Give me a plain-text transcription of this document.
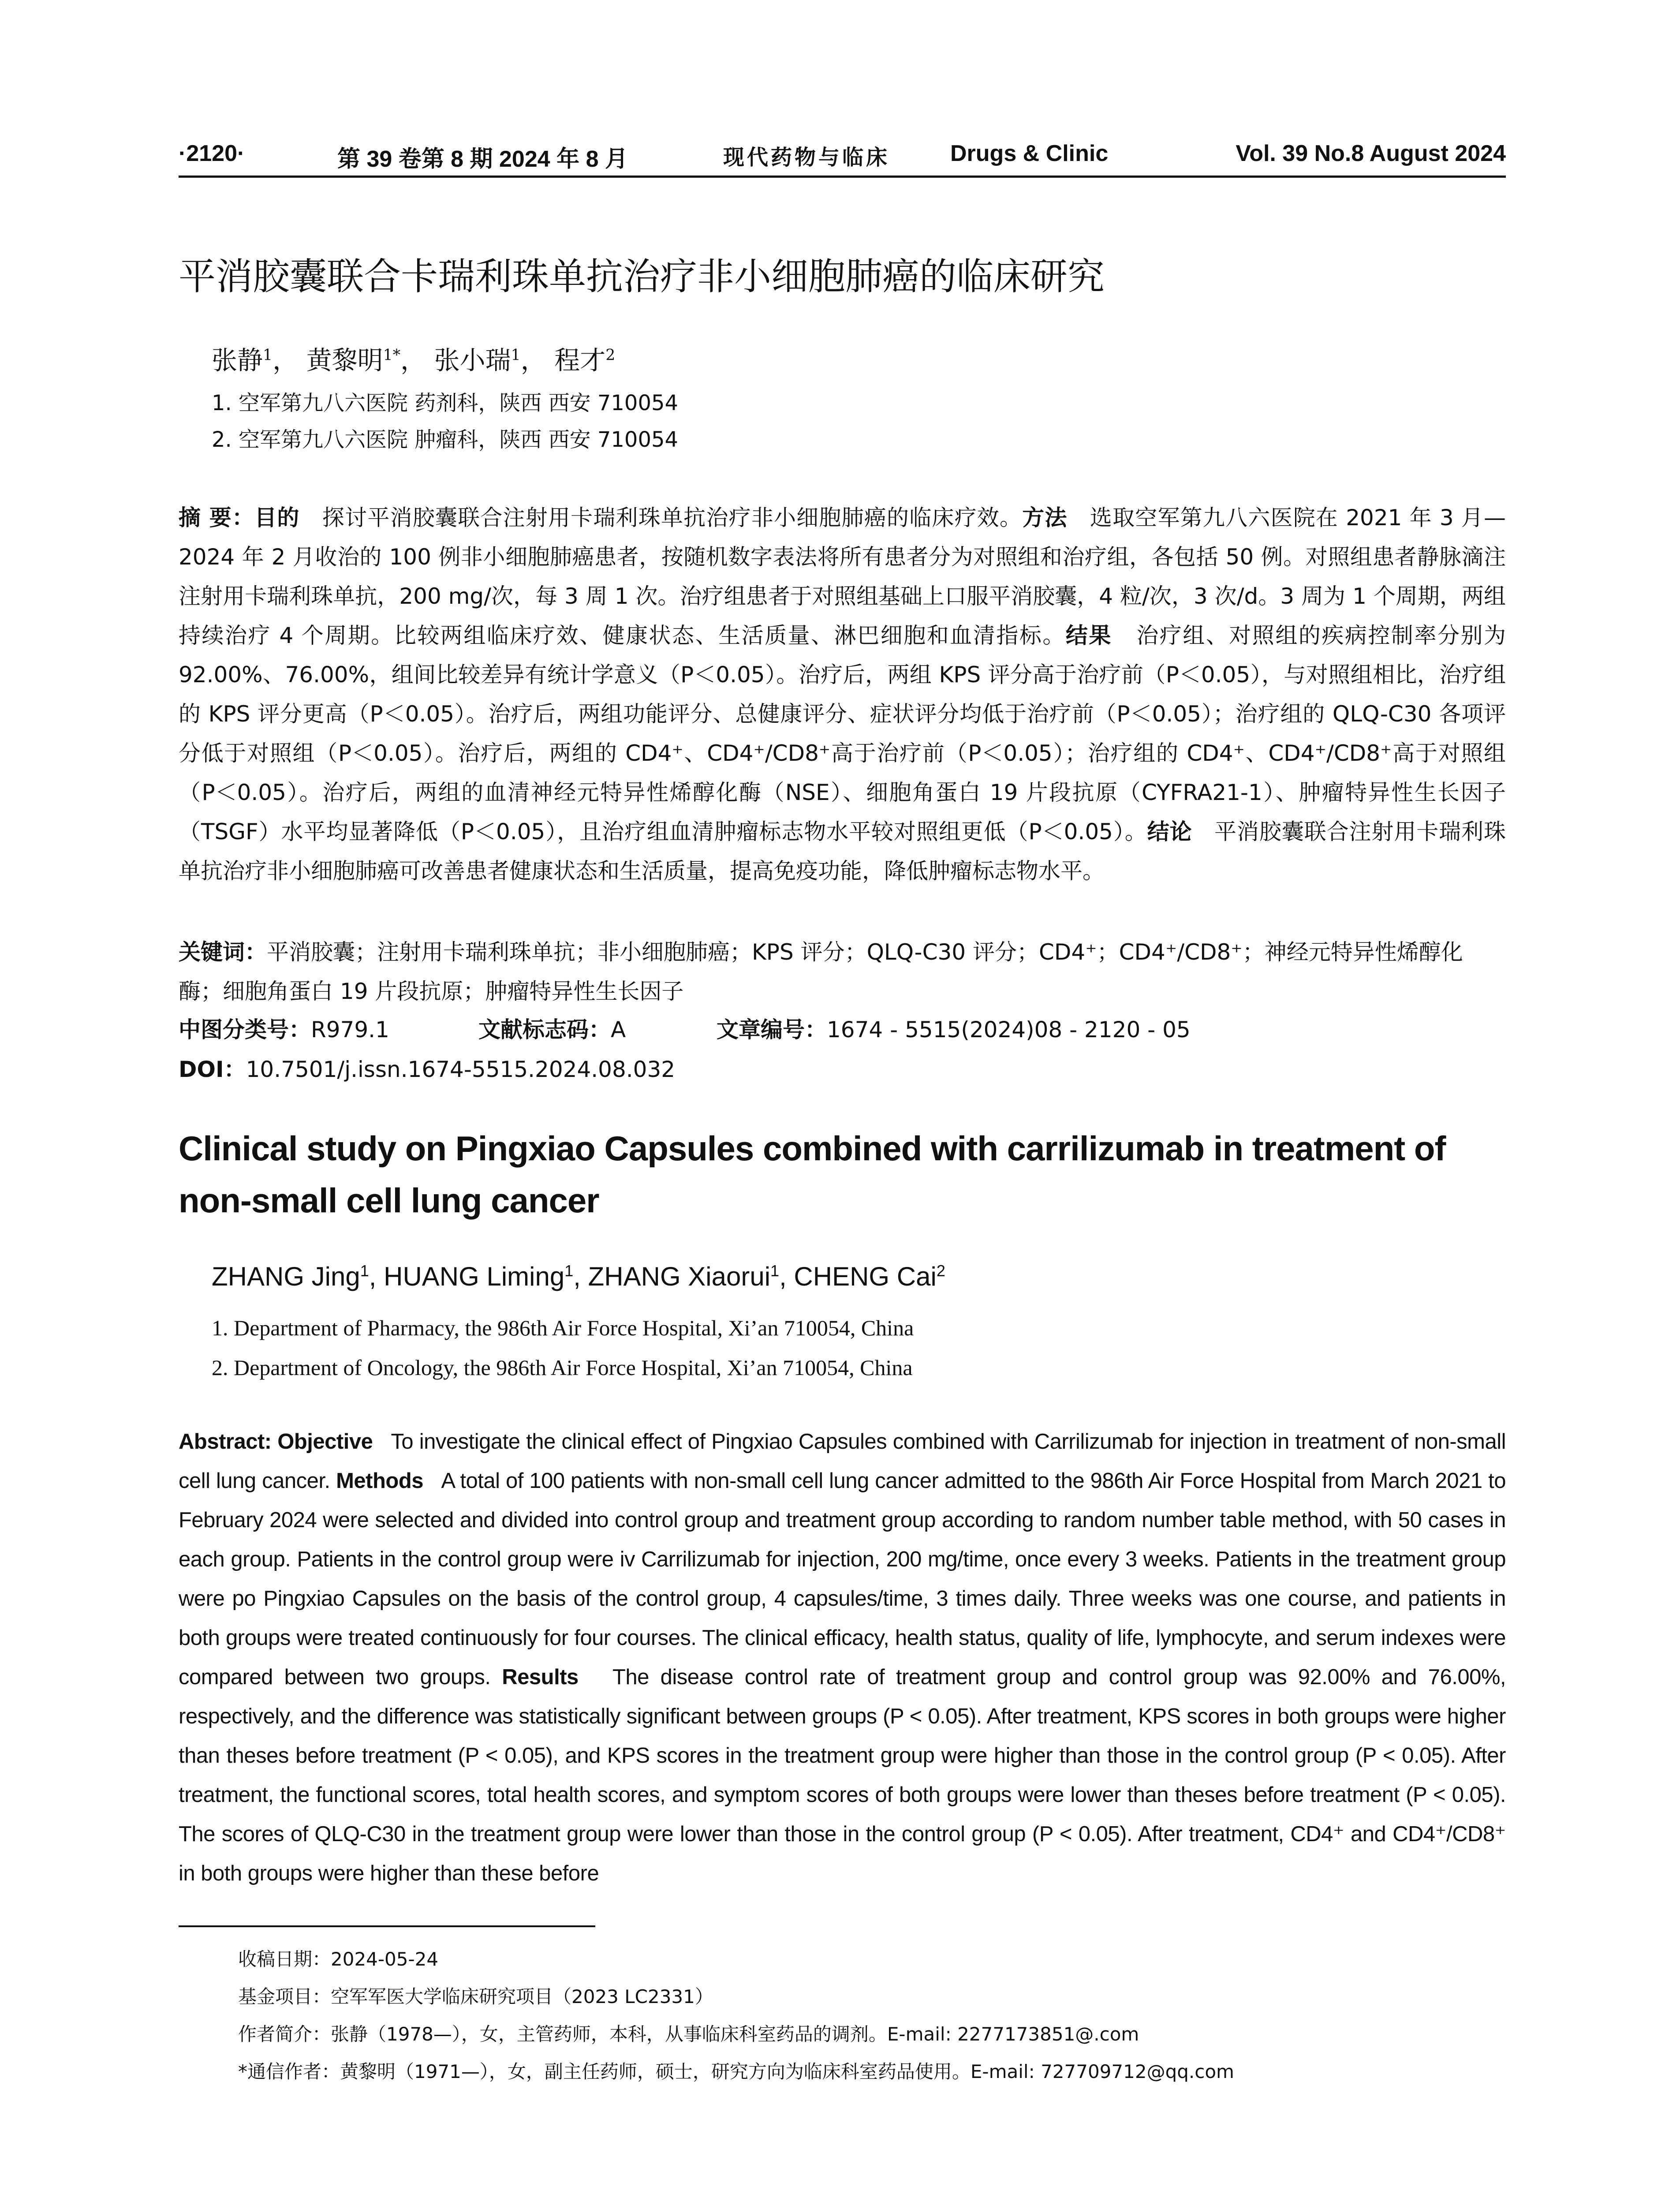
·2120·	第 39 卷第 8 期 2024 年 8 月	现代药物与临床	Drugs & Clinic	Vol. 39 No.8 August 2024
平消胶囊联合卡瑞利珠单抗治疗非小细胞肺癌的临床研究
张静$^1$， 黄黎明$^{1*}$， 张小瑞$^1$， 程才$^2$
1. 空军第九八六医院 药剂科，陕西 西安 710054
2. 空军第九八六医院 肿瘤科，陕西 西安 710054
摘 要：目的 探讨平消胶囊联合注射用卡瑞利珠单抗治疗非小细胞肺癌的临床疗效。方法 选取空军第九八六医院在 2021 年 3 月—2024 年 2 月收治的 100 例非小细胞肺癌患者，按随机数字表法将所有患者分为对照组和治疗组，各包括 50 例。对照组患者静脉滴注注射用卡瑞利珠单抗，200 mg/次，每 3 周 1 次。治疗组患者于对照组基础上口服平消胶囊，4 粒/次，3 次/d。3 周为 1 个周期，两组持续治疗 4 个周期。比较两组临床疗效、健康状态、生活质量、淋巴细胞和血清指标。结果 治疗组、对照组的疾病控制率分别为 92.00%、76.00%，组间比较差异有统计学意义（P＜0.05）。治疗后，两组 KPS 评分高于治疗前（P＜0.05），与对照组相比，治疗组的 KPS 评分更高（P＜0.05）。治疗后，两组功能评分、总健康评分、症状评分均低于治疗前（P＜0.05）；治疗组的 QLQ-C30 各项评分低于对照组（P＜0.05）。治疗后，两组的 CD4⁺、CD4⁺/CD8⁺高于治疗前（P＜0.05）；治疗组的 CD4⁺、CD4⁺/CD8⁺高于对照组（P＜0.05）。治疗后，两组的血清神经元特异性烯醇化酶（NSE）、细胞角蛋白 19 片段抗原（CYFRA21-1）、肿瘤特异性生长因子（TSGF）水平均显著降低（P＜0.05），且治疗组血清肿瘤标志物水平较对照组更低（P＜0.05）。结论 平消胶囊联合注射用卡瑞利珠单抗治疗非小细胞肺癌可改善患者健康状态和生活质量，提高免疫功能，降低肿瘤标志物水平。
关键词：平消胶囊；注射用卡瑞利珠单抗；非小细胞肺癌；KPS 评分；QLQ-C30 评分；CD4⁺；CD4⁺/CD8⁺；神经元特异性烯醇化酶；细胞角蛋白 19 片段抗原；肿瘤特异性生长因子
中图分类号：R979.1	文献标志码：A	文章编号：1674 - 5515(2024)08 - 2120 - 05
DOI：10.7501/j.issn.1674-5515.2024.08.032
Clinical study on Pingxiao Capsules combined with carrilizumab in treatment of non-small cell lung cancer
ZHANG Jing$^1$, HUANG Liming$^1$, ZHANG Xiaorui$^1$, CHENG Cai$^2$
1. Department of Pharmacy, the 986th Air Force Hospital, Xi’an 710054, China
2. Department of Oncology, the 986th Air Force Hospital, Xi’an 710054, China
Abstract: Objective To investigate the clinical effect of Pingxiao Capsules combined with Carrilizumab for injection in treatment of non-small cell lung cancer. Methods A total of 100 patients with non-small cell lung cancer admitted to the 986th Air Force Hospital from March 2021 to February 2024 were selected and divided into control group and treatment group according to random number table method, with 50 cases in each group. Patients in the control group were iv Carrilizumab for injection, 200 mg/time, once every 3 weeks. Patients in the treatment group were po Pingxiao Capsules on the basis of the control group, 4 capsules/time, 3 times daily. Three weeks was one course, and patients in both groups were treated continuously for four courses. The clinical efficacy, health status, quality of life, lymphocyte, and serum indexes were compared between two groups. Results The disease control rate of treatment group and control group was 92.00% and 76.00%, respectively, and the difference was statistically significant between groups (P < 0.05). After treatment, KPS scores in both groups were higher than theses before treatment (P < 0.05), and KPS scores in the treatment group were higher than those in the control group (P < 0.05). After treatment, the functional scores, total health scores, and symptom scores of both groups were lower than theses before treatment (P < 0.05). The scores of QLQ-C30 in the treatment group were lower than those in the control group (P < 0.05). After treatment, CD4⁺ and CD4⁺/CD8⁺ in both groups were higher than these before
收稿日期：2024-05-24
基金项目：空军军医大学临床研究项目（2023 LC2331）
作者简介：张静（1978—），女，主管药师，本科，从事临床科室药品的调剂。E-mail: 2277173851@.com
*通信作者：黄黎明（1971—），女，副主任药师，硕士，研究方向为临床科室药品使用。E-mail: 727709712@qq.com
